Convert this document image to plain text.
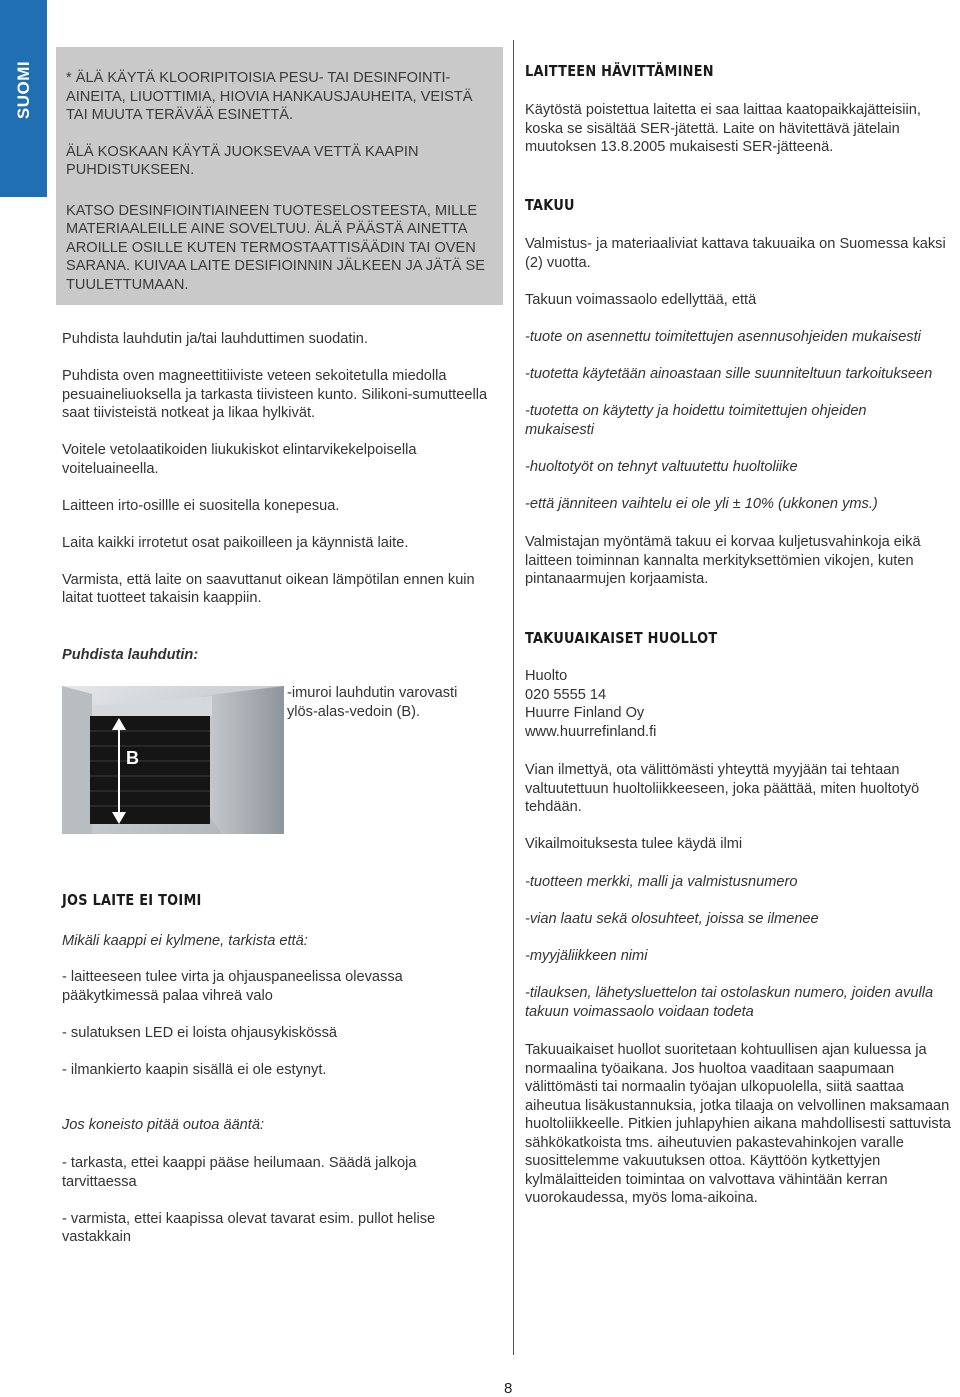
SUOMI * ÄLÄ KÄYTÄ KLOORIPITOISIA PESU- TAI DESINFOINTI-AINEITA, LIUOTTIMIA, HIOVIA HANKAUSJAUHEITA, VEISTÄ TAI MUUTA TERÄVÄÄ ESINETTÄ.

ÄLÄ KOSKAAN KÄYTÄ JUOKSEVAA VETTÄ KAAPIN PUHDISTUKSEEN.

KATSO DESINFIOINTIAINEEN TUOTESELOSTEESTA, MILLE MATERIAALEILLE AINE SOVELTUU. ÄLÄ PÄÄSTÄ AINETTA AROILLE OSILLE KUTEN TERMOSTAATTISÄÄDIN TAI OVEN SARANA. KUIVAA LAITE DESIFIOINNIN JÄLKEEN JA JÄTÄ SE TUULETTUMAAN.

Puhdista lauhdutin ja/tai lauhduttimen suodatin.

Puhdista oven magneettitiiviste veteen sekoitetulla miedolla pesuaineliuoksella ja tarkasta tiivisteen kunto. Silikoni-sumutteella saat tiivisteistä notkeat ja likaa hylkivät.

Voitele vetolaatikoiden liukukiskot elintarvikekelpoisella voiteluaineella.

Laitteen irto-osillle ei suositella konepesua.

Laita kaikki irrotetut osat paikoilleen ja käynnistä laite.

Varmista, että laite on saavuttanut oikean lämpötilan ennen kuin laitat tuotteet takaisin kaappiin.

Puhdista lauhdutin:
-imuroi lauhdutin varovasti ylös-alas-vedoin (B).
B
JOS LAITE EI TOIMI
Mikäli kaappi ei kylmene, tarkista että:

- laitteeseen tulee virta ja ohjauspaneelissa olevassa pääkytkimessä palaa vihreä valo

- sulatuksen LED ei loista ohjausykiskössä

- ilmankierto kaapin sisällä ei ole estynyt.

Jos koneisto pitää outoa ääntä:

- tarkasta, ettei kaappi pääse heilumaan. Säädä jalkoja tarvittaessa

- varmista, ettei kaapissa olevat tavarat esim. pullot helise vastakkain

LAITTEEN HÄVITTÄMINEN
Käytöstä poistettua laitetta ei saa laittaa kaatopaikkajätteisiin, koska se sisältää SER-jätettä. Laite on hävitettävä jätelain muutoksen 13.8.2005 mukaisesti SER-jätteenä.
TAKUU
Valmistus- ja materiaaliviat kattava takuuaika on Suomessa kaksi (2) vuotta.
Takuun voimassaolo edellyttää, että

-tuote on asennettu toimitettujen asennusohjeiden mukaisesti

-tuotetta käytetään ainoastaan sille suunniteltuun tarkoitukseen

-tuotetta on käytetty ja hoidettu toimitettujen ohjeiden mukaisesti

-huoltotyöt on tehnyt valtuutettu huoltoliike

-että jänniteen vaihtelu ei ole yli ± 10% (ukkonen yms.)

Valmistajan myöntämä takuu ei korvaa kuljetusvahinkoja eikä laitteen toiminnan kannalta merkityksettömien vikojen, kuten pintanaarmujen korjaamista.
TAKUUAIKAISET HUOLLOT
Huolto
020 5555 14
Huurre Finland Oy
www.huurrefinland.fi
Vian ilmettyä, ota välittömästi yhteyttä myyjään tai tehtaan valtuutettuun huoltoliikkeeseen, joka päättää, miten huoltotyö tehdään.
Vikailmoituksesta tulee käydä ilmi

-tuotteen merkki, malli ja valmistusnumero

-vian laatu sekä olosuhteet, joissa se ilmenee

-myyjäliikkeen nimi

-tilauksen, lähetysluettelon tai ostolaskun numero, joiden avulla takuun voimassaolo voidaan todeta

Takuuaikaiset huollot suoritetaan kohtuullisen ajan kuluessa ja normaalina työaikana. Jos huoltoa vaaditaan saapumaan välittömästi tai normaalin työajan ulkopuolella, siitä saattaa aiheutua lisäkustannuksia, jotka tilaaja on velvollinen maksamaan huoltoliikkeelle. Pitkien juhlapyhien aikana mahdollisesti sattuvista sähkökatkoista tms. aiheutuvien pakastevahinkojen varalle suosittelemme vakuutuksen ottoa. Käyttöön kytkettyjen kylmälaitteiden toimintaa on valvottava vähintään kerran vuorokaudessa, myös loma-aikoina.
8
